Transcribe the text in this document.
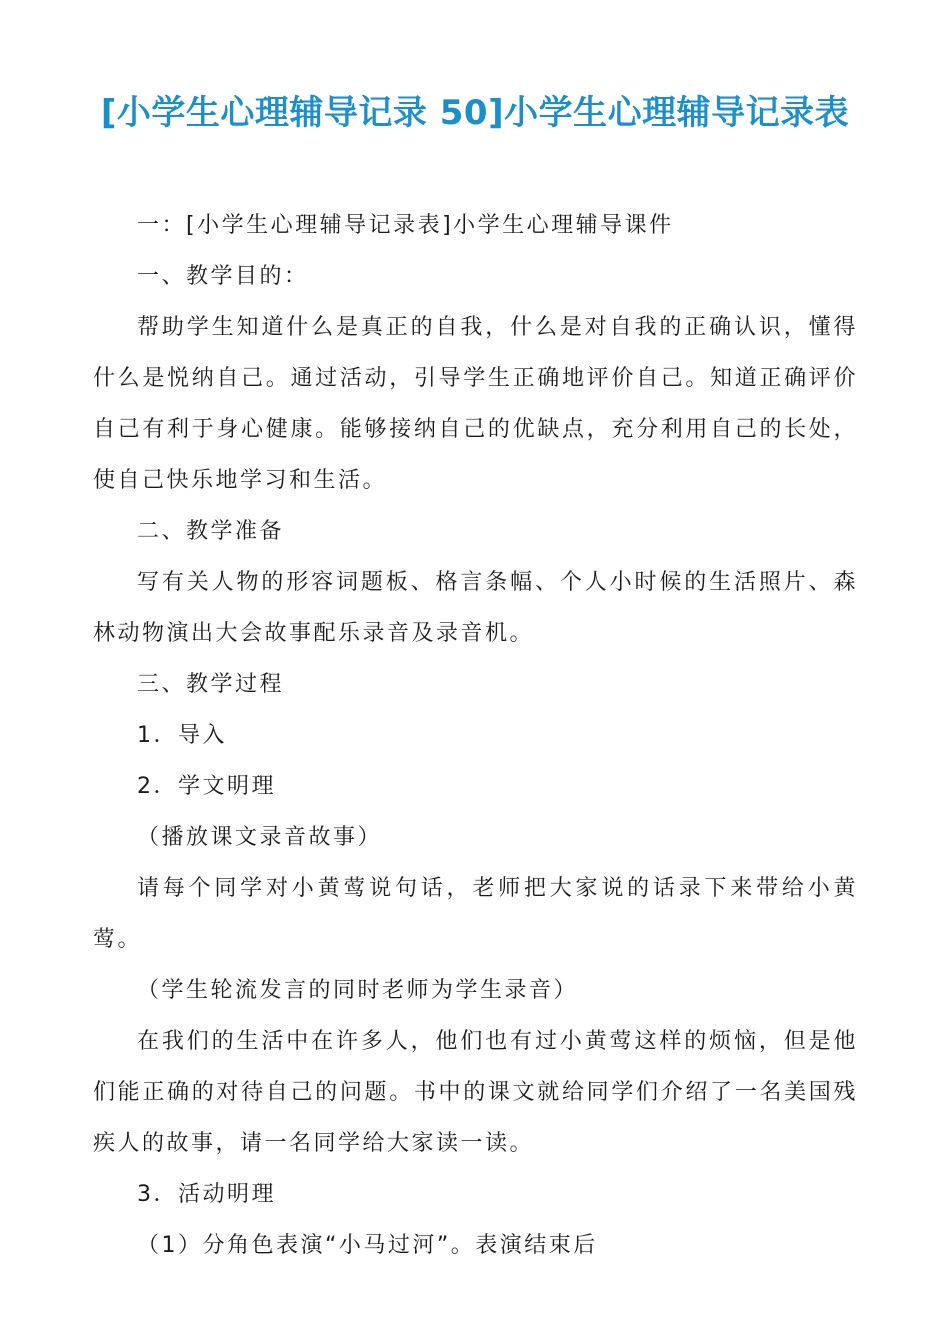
[小学生心理辅导记录 50]小学生心理辅导记录表

一：[小学生心理辅导记录表]小学生心理辅导课件

一、教学目的：

帮助学生知道什么是真正的自我，什么是对自我的正确认识，懂得什么是悦纳自己。通过活动，引导学生正确地评价自己。知道正确评价自己有利于身心健康。能够接纳自己的优缺点，充分利用自己的长处，使自己快乐地学习和生活。

二、教学准备

写有关人物的形容词题板、格言条幅、个人小时候的生活照片、森林动物演出大会故事配乐录音及录音机。

三、教学过程

1．导入

2．学文明理

（播放课文录音故事）

请每个同学对小黄莺说句话，老师把大家说的话录下来带给小黄莺。

（学生轮流发言的同时老师为学生录音）

在我们的生活中在许多人，他们也有过小黄莺这样的烦恼，但是他们能正确的对待自己的问题。书中的课文就给同学们介绍了一名美国残疾人的故事，请一名同学给大家读一读。

3．活动明理

（1）分角色表演“小马过河”。表演结束后
